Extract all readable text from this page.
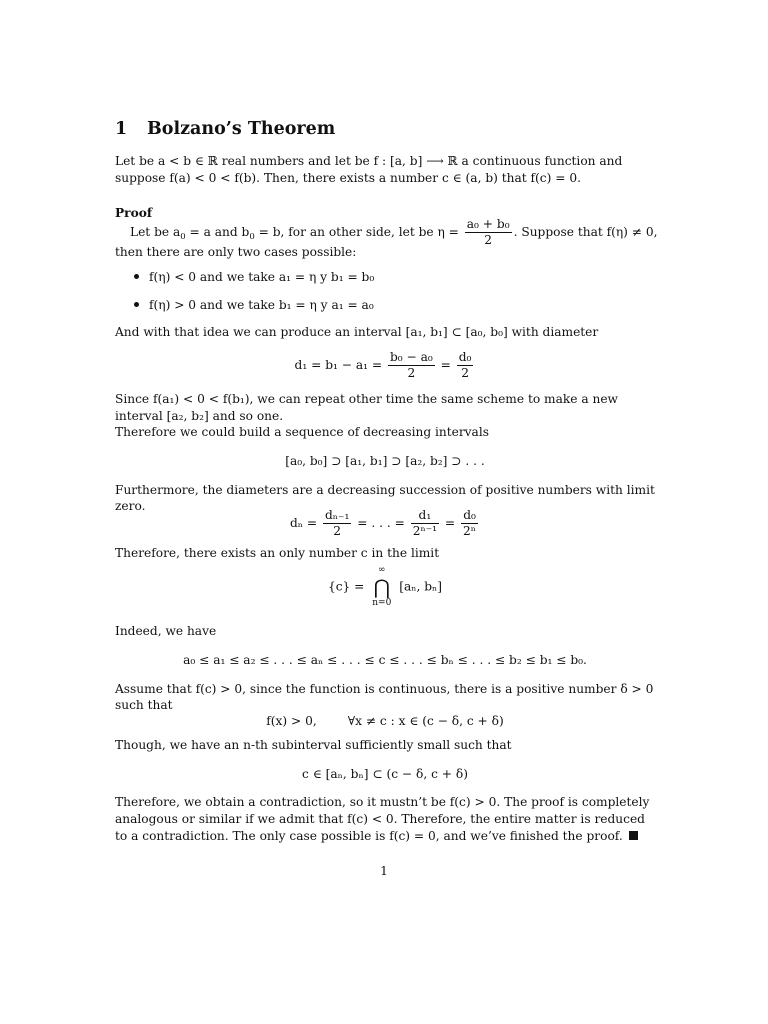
1 Bolzano’s Theorem
Let be a < b ∈ ℝ real numbers and let be f : [a, b] ⟶ ℝ a continuous function and
suppose f(a) < 0 < f(b). Then, there exists a number c ∈ (a, b) that f(c) = 0.
Proof
Let be $a_0 = a$ and $b_0 = b$, for an other side, let be $\eta = \frac{\text{a₀ + b₀}}{2}$ . Suppose that f(η) ≠ 0,
then there are only two cases possible:
f(η) < 0 and we take a₁ = η y b₁ = b₀
f(η) > 0 and we take b₁ = η y a₁ = a₀
And with that idea we can produce an interval [a₁, b₁] ⊂ [a₀, b₀] with diameter
$d_1 = b_1 - a_1 = \frac{\text{b₀ − a₀}}{2} = \frac{\text{d₀}}{2}$
Since f(a₁) < 0 < f(b₁), we can repeat other time the same scheme to make a new
interval [a₂, b₂] and so one.
Therefore we could build a sequence of decreasing intervals
[a₀, b₀] ⊃ [a₁, b₁] ⊃ [a₂, b₂] ⊃ . . .
Furthermore, the diameters are a decreasing succession of positive numbers with limit
zero.
$d_n = \frac{\text{dₙ₋₁}}{2}$ = . . . = $\frac{\text{d₁}}{\text{2ⁿ⁻¹}} = \frac{\text{d₀}}{\text{2ⁿ}}$
Therefore, there exists an only number c in the limit
{c} =
∞
⋂
n=0
[aₙ, bₙ]
Indeed, we have
a₀ ≤ a₁ ≤ a₂ ≤ . . . ≤ aₙ ≤ . . . ≤ c ≤ . . . ≤ bₙ ≤ . . . ≤ b₂ ≤ b₁ ≤ b₀.
Assume that f(c) > 0, since the function is continuous, there is a positive number δ > 0
such that
f(x) > 0,        ∀x ≠ c : x ∈ (c − δ, c + δ)
Though, we have an n-th subinterval sufficiently small such that
c ∈ [aₙ, bₙ] ⊂ (c − δ, c + δ)
Therefore, we obtain a contradiction, so it mustn’t be f(c) > 0. The proof is completely
analogous or similar if we admit that f(c) < 0. Therefore, the entire matter is reduced
to a contradiction. The only case possible is f(c) = 0, and we’ve finished the proof.
1
